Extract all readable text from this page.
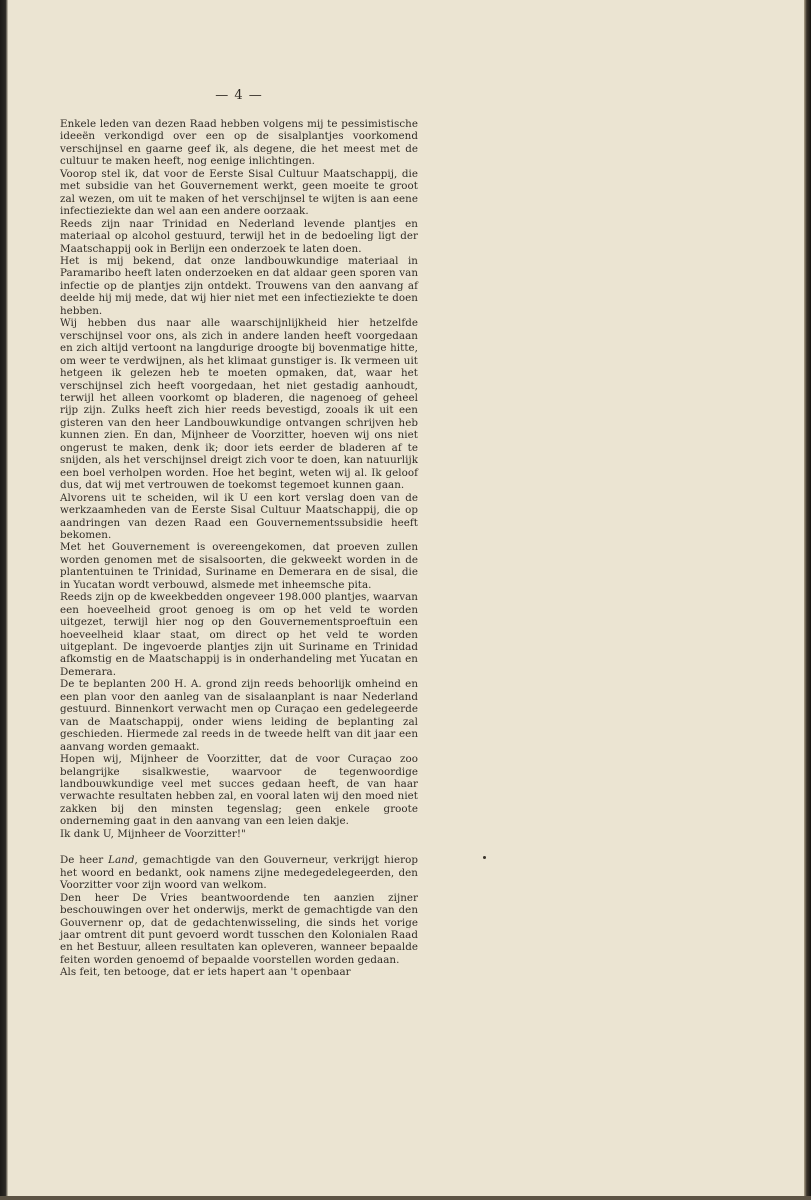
— 4 —

Enkele leden van dezen Raad hebben volgens mij te pessimistische ideeën verkondigd over een op de sisalplantjes voorkomend verschijnsel en gaarne geef ik, als degene, die het meest met de cultuur te maken heeft, nog eenige inlichtingen.

Voorop stel ik, dat voor de Eerste Sisal Cultuur Maatschappij, die met subsidie van het Gouvernement werkt, geen moeite te groot zal wezen, om uit te maken of het verschijnsel te wijten is aan eene infectieziekte dan wel aan een andere oorzaak.

Reeds zijn naar Trinidad en Nederland levende plantjes en materiaal op alcohol gestuurd, terwijl het in de bedoeling ligt der Maatschappij ook in Berlijn een onderzoek te laten doen.

Het is mij bekend, dat onze landbouwkundige materiaal in Paramaribo heeft laten onderzoeken en dat aldaar geen sporen van infectie op de plantjes zijn ontdekt. Trouwens van den aanvang af deelde hij mij mede, dat wij hier niet met een infectieziekte te doen hebben.

Wij hebben dus naar alle waarschijnlijkheid hier hetzelfde verschijnsel voor ons, als zich in andere landen heeft voorgedaan en zich altijd vertoont na langdurige droogte bij bovenmatige hitte, om weer te verdwijnen, als het klimaat gunstiger is. Ik vermeen uit hetgeen ik gelezen heb te moeten opmaken, dat, waar het verschijnsel zich heeft voorgedaan, het niet gestadig aanhoudt, terwijl het alleen voorkomt op bladeren, die nagenoeg of geheel rijp zijn. Zulks heeft zich hier reeds bevestigd, zooals ik uit een gisteren van den heer Landbouwkundige ontvangen schrijven heb kunnen zien. En dan, Mijnheer de Voorzitter, hoeven wij ons niet ongerust te maken, denk ik; door iets eerder de bladeren af te snijden, als het verschijnsel dreigt zich voor te doen, kan natuurlijk een boel verholpen worden. Hoe het begint, weten wij al. Ik geloof dus, dat wij met vertrouwen de toekomst tegemoet kunnen gaan.

Alvorens uit te scheiden, wil ik U een kort verslag doen van de werkzaamheden van de Eerste Sisal Cultuur Maatschappij, die op aandringen van dezen Raad een Gouvernementssubsidie heeft bekomen.

Met het Gouvernement is overeengekomen, dat proeven zullen worden genomen met de sisalsoorten, die gekweekt worden in de plantentuinen te Trinidad, Suriname en Demerara en de sisal, die in Yucatan wordt verbouwd, alsmede met inheemsche pita.

Reeds zijn op de kweekbedden ongeveer 198.000 plantjes, waarvan een hoeveelheid groot genoeg is om op het veld te worden uitgezet, terwijl hier nog op den Gouvernementsproeftuin een hoeveelheid klaar staat, om direct op het veld te worden uitgeplant. De ingevoerde plantjes zijn uit Suriname en Trinidad afkomstig en de Maatschappij is in onderhandeling met Yucatan en Demerara.

De te beplanten 200 H. A. grond zijn reeds behoorlijk omheind en een plan voor den aanleg van de sisalaanplant is naar Nederland gestuurd. Binnenkort verwacht men op Curaçao een gedelegeerde van de Maatschappij, onder wiens leiding de beplanting zal geschieden. Hiermede zal reeds in de tweede helft van dit jaar een aanvang worden gemaakt.

Hopen wij, Mijnheer de Voorzitter, dat de voor Curaçao zoo belangrijke sisalkwestie, waarvoor de tegenwoordige landbouwkundige veel met succes gedaan heeft, de van haar verwachte resultaten hebben zal, en vooral laten wij den moed niet zakken bij den minsten tegenslag; geen enkele groote onderneming gaat in den aanvang van een leien dakje.

Ik dank U, Mijnheer de Voorzitter!"

De heer Land, gemachtigde van den Gouverneur, verkrijgt hierop het woord en bedankt, ook namens zijne medegedelegeerden, den Voorzitter voor zijn woord van welkom.

Den heer De Vries beantwoordende ten aanzien zijner beschouwingen over het onderwijs, merkt de gemachtigde van den Gouvernenr op, dat de gedachtenwisseling, die sinds het vorige jaar omtrent dit punt gevoerd wordt tusschen den Kolonialen Raad en het Bestuur, alleen resultaten kan opleveren, wanneer bepaalde feiten worden genoemd of bepaalde voorstellen worden gedaan.

Als feit, ten betooge, dat er iets hapert aan 't openbaar
